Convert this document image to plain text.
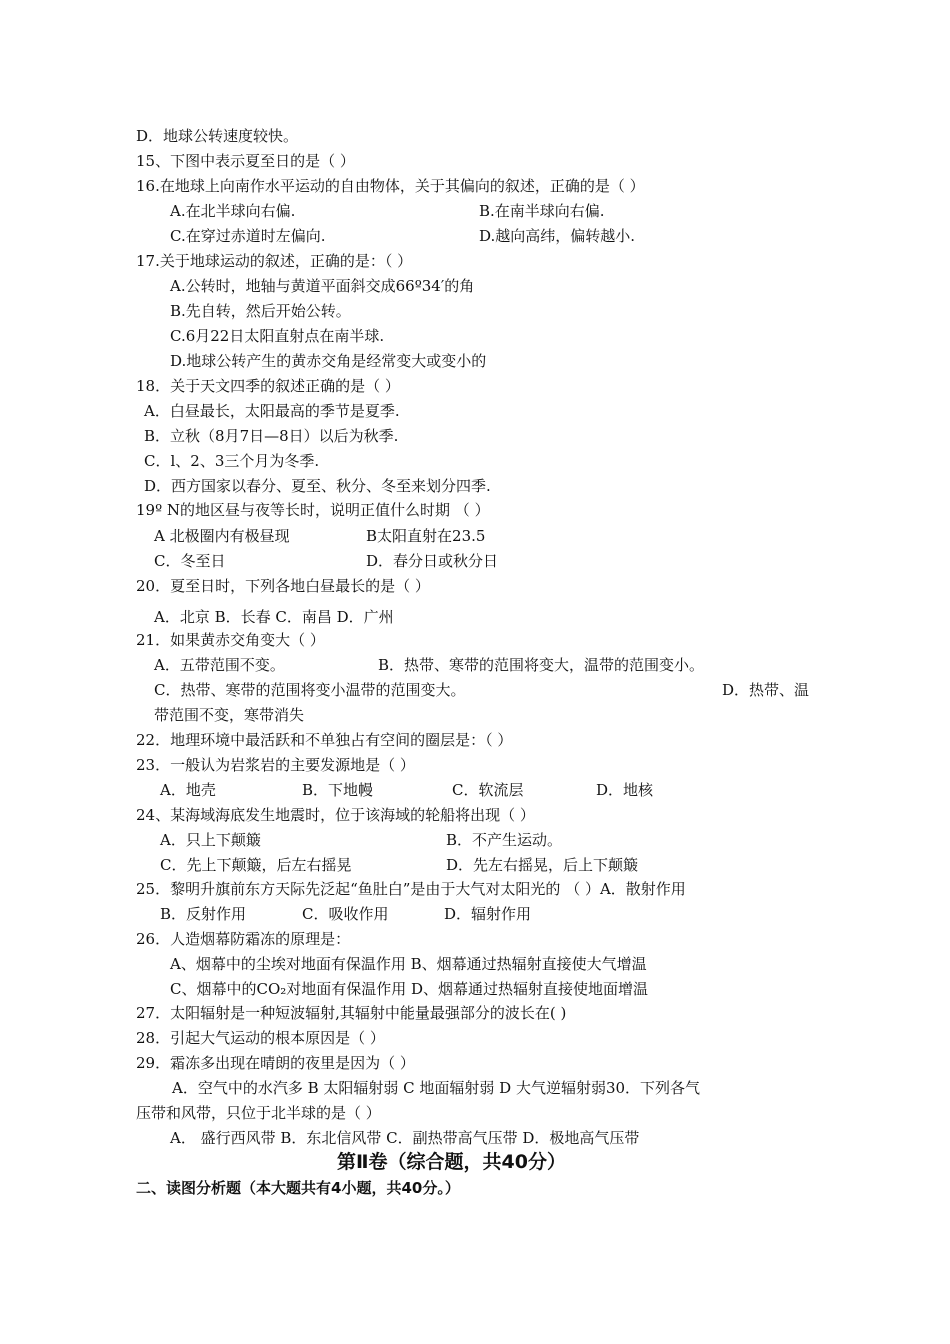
D．地球公转速度较快。
15、下图中表示夏至日的是（ ）
16.在地球上向南作水平运动的自由物体，关于其偏向的叙述，正确的是（ ）
A.在北半球向右偏.	B.在南半球向右偏.
C.在穿过赤道时左偏向.	D.越向高纬，偏转越小.
17.关于地球运动的叙述，正确的是：（ ）
A.公转时，地轴与黄道平面斜交成66º34′的角
B.先自转，然后开始公转。
C.6月22日太阳直射点在南半球.
D.地球公转产生的黄赤交角是经常变大或变小的
18．关于天文四季的叙述正确的是（ ）
A．白昼最长，太阳最高的季节是夏季.
B．立秋（8月7日—8日）以后为秋季.
C．l、2、3三个月为冬季.
D．西方国家以春分、夏至、秋分、冬至来划分四季.
19º N的地区昼与夜等长时，说明正值什么时期 （ ）
A 北极圈内有极昼现	B太阳直射在23.5
C．冬至日	D．春分日或秋分日
20．夏至日时，下列各地白昼最长的是（ ）
A．北京 B．长春 C．南昌 D．广州
21．如果黄赤交角变大（ ）
A．五带范围不变。	B．热带、寒带的范围将变大，温带的范围变小。
C．热带、寒带的范围将变小温带的范围变大。	D．热带、温
带范围不变，寒带消失
22．地理环境中最活跃和不单独占有空间的圈层是：（ ）
23．一般认为岩浆岩的主要发源地是（ ）
A．地壳	B．下地幔	C．软流层	D．地核
24、某海域海底发生地震时，位于该海域的轮船将出现（ ）
A．只上下颠簸	B．不产生运动。
C．先上下颠簸，后左右摇晃	D．先左右摇晃，后上下颠簸
25．黎明升旗前东方天际先泛起“鱼肚白”是由于大气对太阳光的 （ ）A．散射作用
B．反射作用	C．吸收作用	D．辐射作用
26．人造烟幕防霜冻的原理是：
A、烟幕中的尘埃对地面有保温作用 B、烟幕通过热辐射直接使大气增温
C、烟幕中的CO₂对地面有保温作用 D、烟幕通过热辐射直接使地面增温
27．太阳辐射是一种短波辐射,其辐射中能量最强部分的波长在( )
28．引起大气运动的根本原因是（ ）
29．霜冻多出现在晴朗的夜里是因为（ ）
A．空气中的水汽多 B 太阳辐射弱 C 地面辐射弱 D 大气逆辐射弱30．下列各气
压带和风带，只位于北半球的是（ ）
A． 盛行西风带 B．东北信风带 C．副热带高气压带 D．极地高气压带
第Ⅱ卷（综合题，共40分）
二、读图分析题（本大题共有4小题，共40分。）
